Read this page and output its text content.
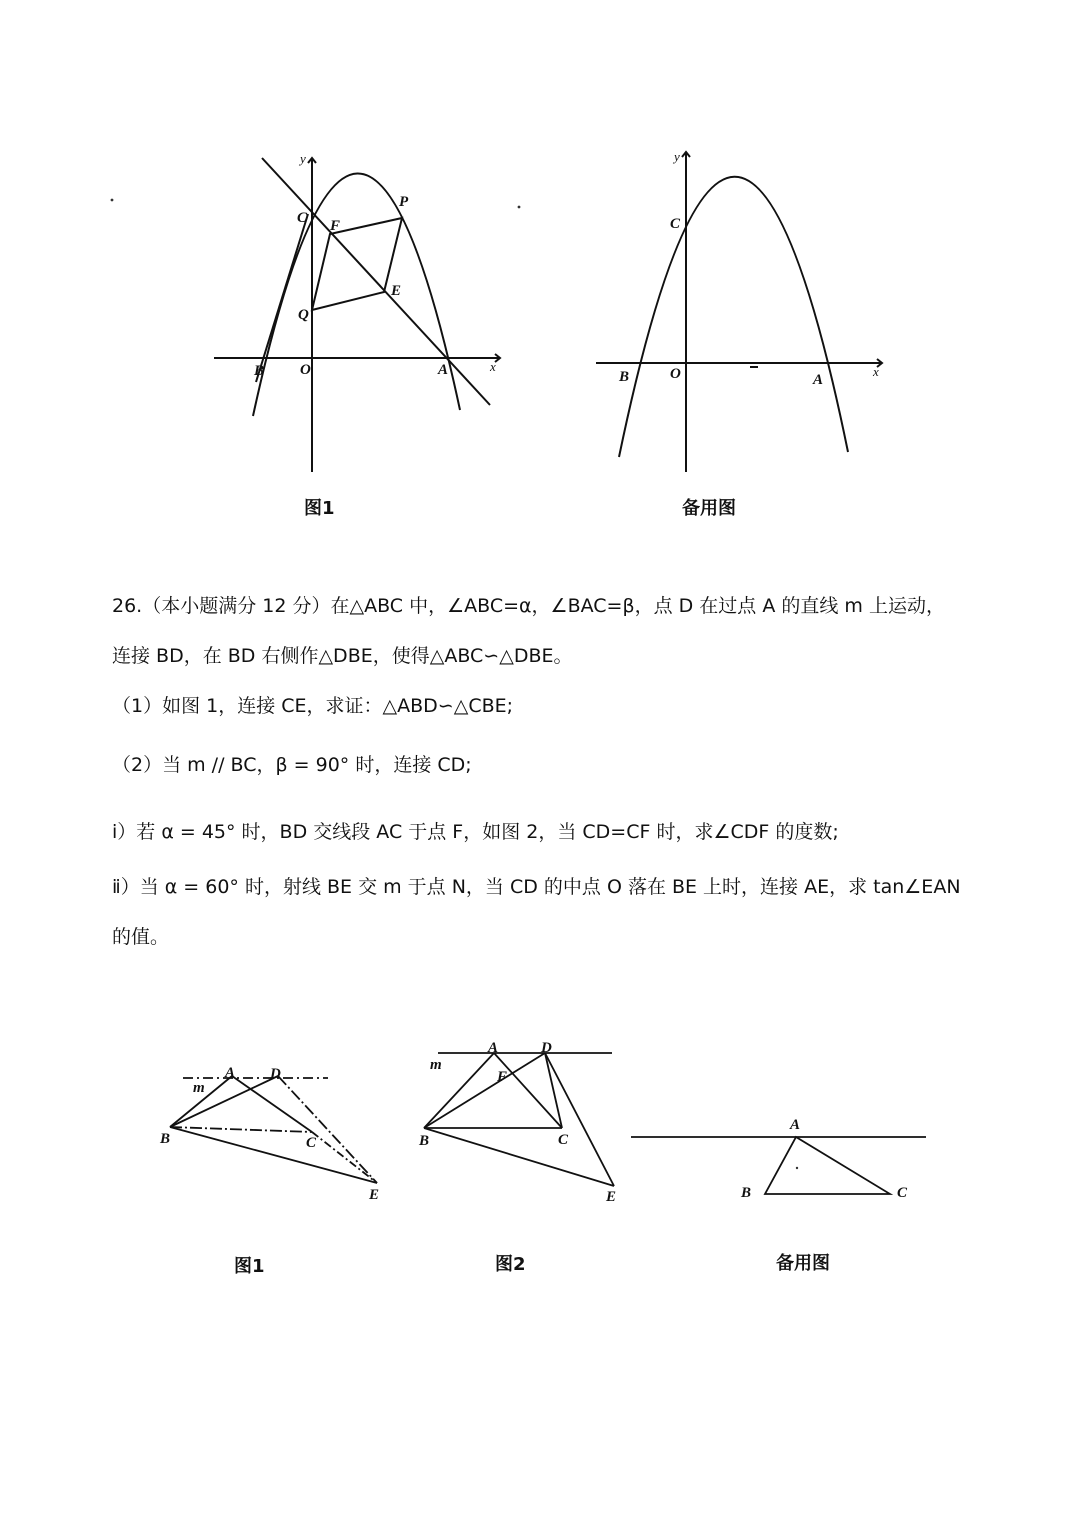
C F
P
E
Q
B O	A	x
y
C
B	O	A
x
y
图1	备用图
26.（本小题满分 12 分）在△ABC 中，∠ABC=α，∠BAC=β，点 D 在过点 A 的直线 m 上运动，
连接 BD，在 BD 右侧作△DBE，使得△ABC∽△DBE。
（1）如图 1，连接 CE，求证：△ABD∽△CBE;
（2）当 m // BC，β = 90° 时，连接 CD;
ⅰ）若 α = 45° 时，BD 交线段 AC 于点 F，如图 2，当 CD=CF 时，求∠CDF 的度数;
ⅱ）当 α = 60° 时，射线 BE 交 m 于点 N，当 CD 的中点 O 落在 BE 上时，连接 AE，求 tan∠EAN
的值。
A D
m
B	C
E
A	D
m
F
B	C
E
A
B	C
图1	图2	备用图
